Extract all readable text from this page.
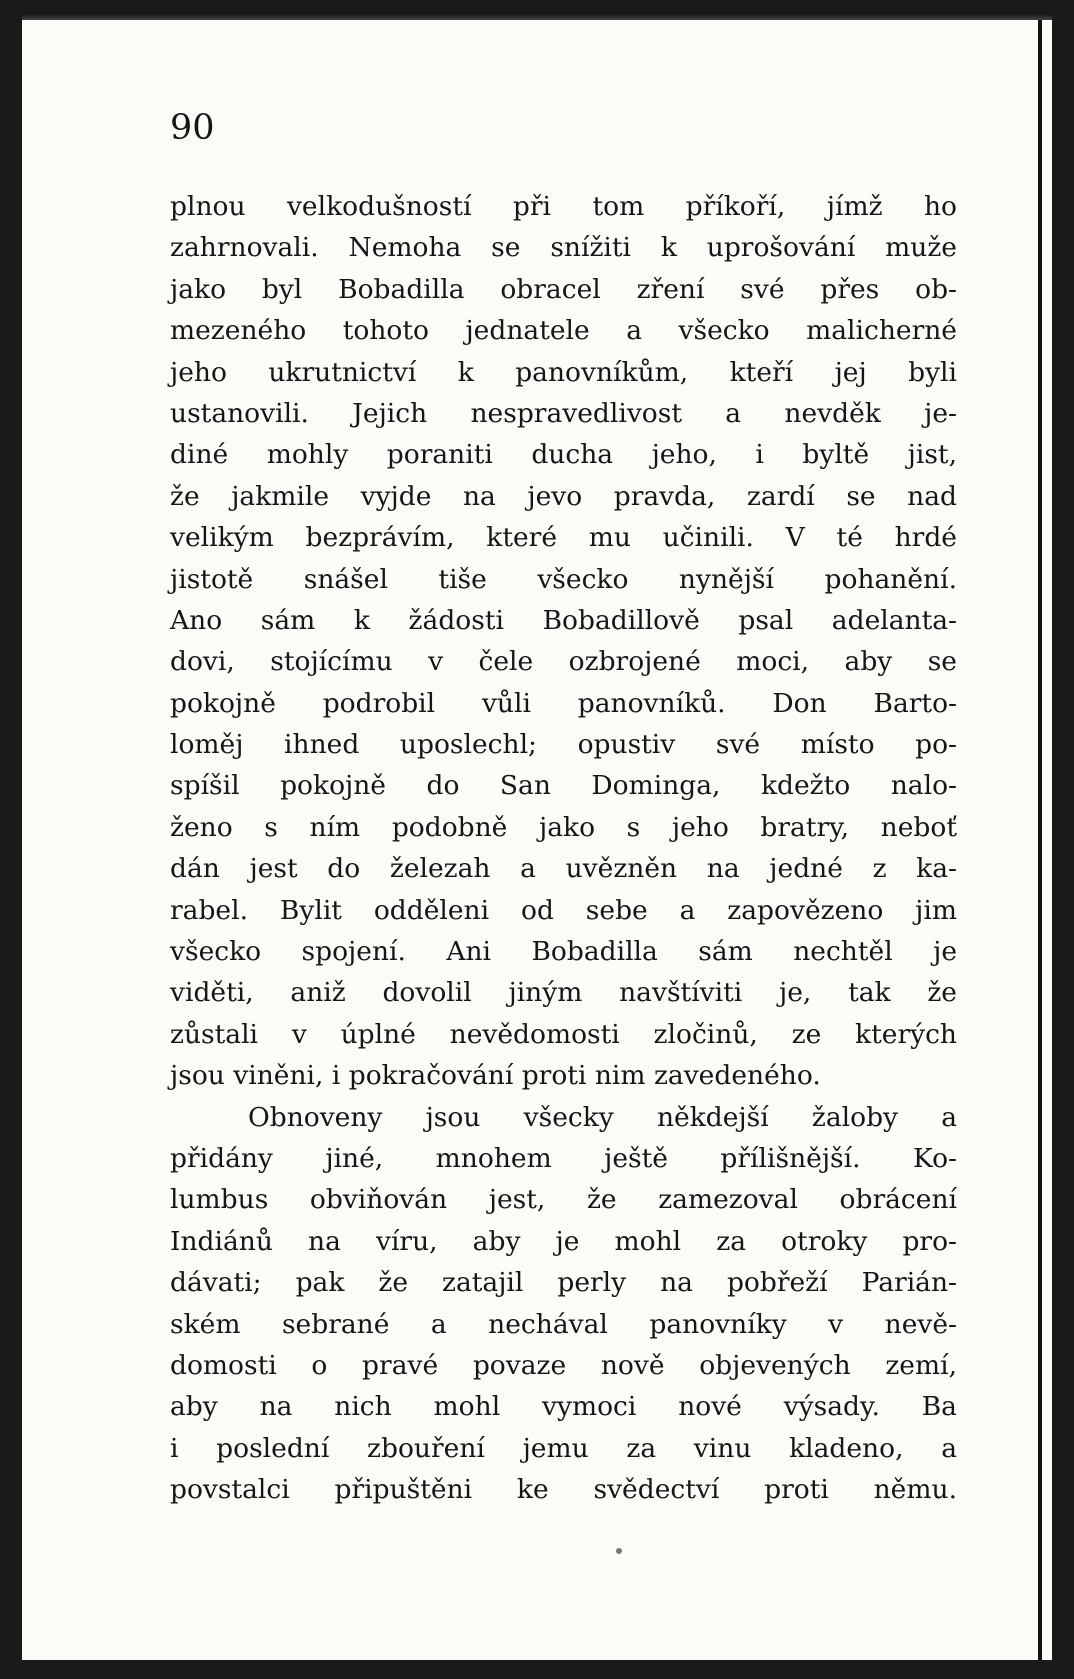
90
plnou velkodušností při tom příkoří, jímž ho
zahrnovali. Nemoha se snížiti k uprošování muže
jako byl Bobadilla obracel zření své přes ob-
mezeného tohoto jednatele a všecko malicherné
jeho ukrutnictví k panovníkům, kteří jej byli
ustanovili. Jejich nespravedlivost a nevděk je-
diné mohly poraniti ducha jeho, i byltě jist,
že jakmile vyjde na jevo pravda, zardí se nad
velikým bezprávím, které mu učinili. V té hrdé
jistotě snášel tiše všecko nynější pohanění.
Ano sám k žádosti Bobadillově psal adelanta-
dovi, stojícímu v čele ozbrojené moci, aby se
pokojně podrobil vůli panovníků. Don Barto-
loměj ihned uposlechl; opustiv své místo po-
spíšil pokojně do San Dominga, kdežto nalo-
ženo s ním podobně jako s jeho bratry, neboť
dán jest do železah a uvězněn na jedné z ka-
rabel. Bylit odděleni od sebe a zapovězeno jim
všecko spojení. Ani Bobadilla sám nechtěl je
viděti, aniž dovolil jiným navštíviti je, tak že
zůstali v úplné nevědomosti zločinů, ze kterých
jsou viněni, i pokračování proti nim zavedeného.
Obnoveny jsou všecky někdejší žaloby a
přidány jiné, mnohem ještě přílišnější. Ko-
lumbus obviňován jest, že zamezoval obrácení
Indiánů na víru, aby je mohl za otroky pro-
dávati; pak že zatajil perly na pobřeží Parián-
ském sebrané a nechával panovníky v nevě-
domosti o pravé povaze nově objevených zemí,
aby na nich mohl vymoci nové výsady. Ba
i poslední zbouření jemu za vinu kladeno, a
povstalci připuštěni ke svědectví proti němu.
